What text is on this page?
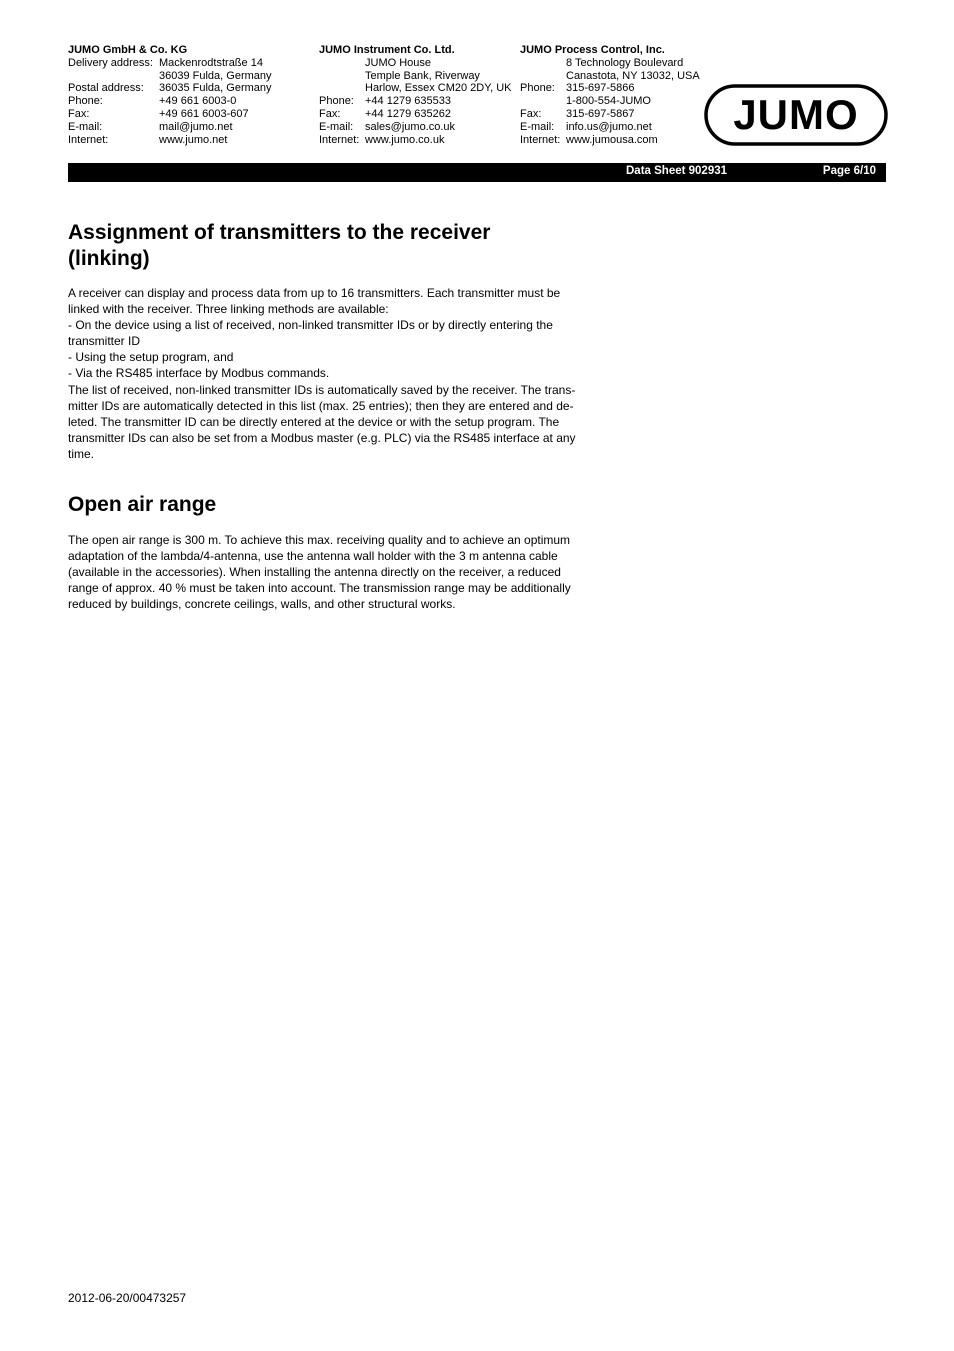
JUMO GmbH & Co. KG
Delivery address: Mackenrodtstraße 14
36039 Fulda, Germany
Postal address:	36035 Fulda, Germany
Phone:	+49 661 6003-0
Fax:	+49 661 6003-607
E-mail:	mail@jumo.net
Internet:	www.jumo.net
JUMO Instrument Co. Ltd.
JUMO House
Temple Bank, Riverway
Harlow, Essex CM20 2DY, UK
Phone:	+44 1279 635533
Fax:	+44 1279 635262
E-mail:	sales@jumo.co.uk
Internet: www.jumo.co.uk
JUMO Process Control, Inc.
8 Technology Boulevard
Canastota, NY 13032, USA
Phone:	315-697-5866
1-800-554-JUMO
Fax:	315-697-5867
E-mail:	info.us@jumo.net
Internet: www.jumousa.com
JUMO
Data Sheet 902931	Page 6/10
Assignment of transmitters to the receiver (linking)

A receiver can display and process data from up to 16 transmitters. Each transmitter must be
linked with the receiver. Three linking methods are available:
- On the device using a list of received, non-linked transmitter IDs or by directly entering the
transmitter ID
- Using the setup program, and
- Via the RS485 interface by Modbus commands.
The list of received, non-linked transmitter IDs is automatically saved by the receiver. The trans-
mitter IDs are automatically detected in this list (max. 25 entries); then they are entered and de-
leted. The transmitter ID can be directly entered at the device or with the setup program. The
transmitter IDs can also be set from a Modbus master (e.g. PLC) via the RS485 interface at any
time.

Open air range

The open air range is 300 m. To achieve this max. receiving quality and to achieve an optimum
adaptation of the lambda/4-antenna, use the antenna wall holder with the 3 m antenna cable
(available in the accessories). When installing the antenna directly on the receiver, a reduced
range of approx. 40 % must be taken into account. The transmission range may be additionally
reduced by buildings, concrete ceilings, walls, and other structural works.

2012-06-20/00473257
